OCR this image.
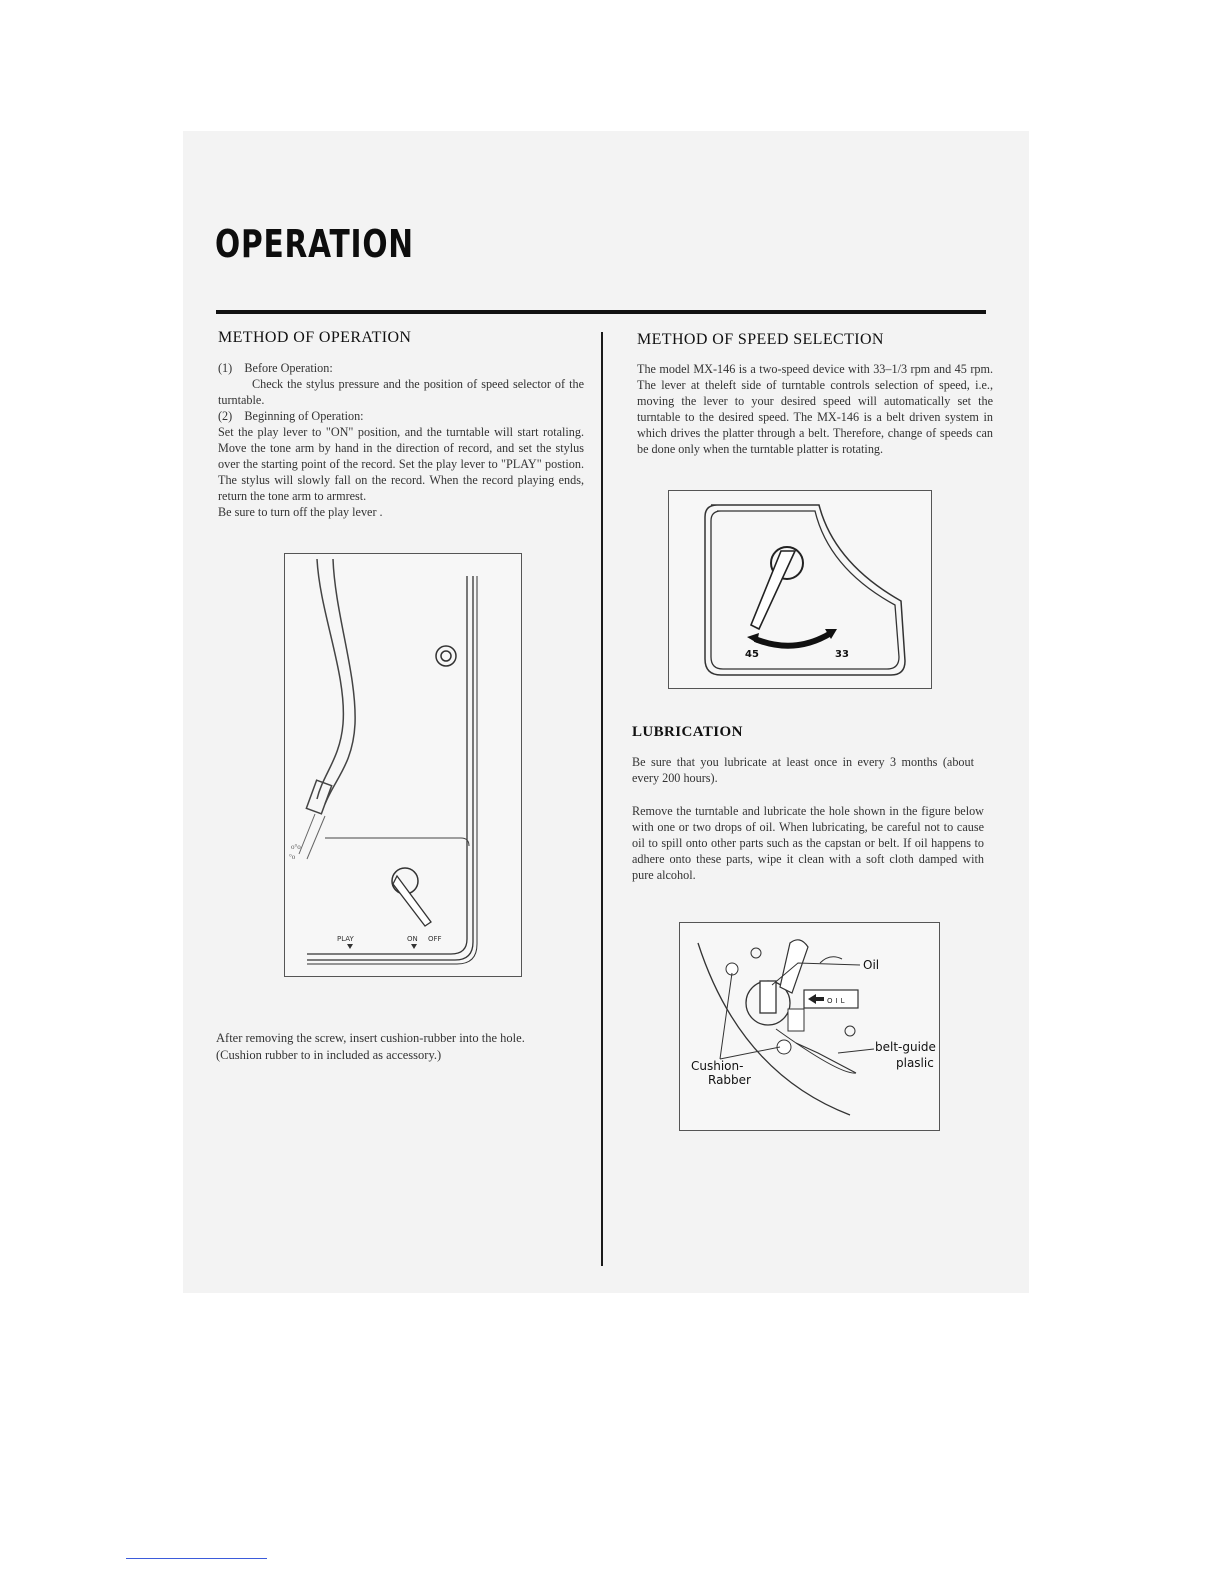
OPERATION
METHOD OF OPERATION

(1) Before Operation:

Check the stylus pressure and the position of speed selector of the turntable.

(2) Beginning of Operation:

Set the play lever to "ON" position, and the turntable will start rotaling. Move the tone arm by hand in the direction of record, and set the stylus over the starting point of the record. Set the play lever to "PLAY" postion. The stylus will slowly fall on the record. When the record playing ends, return the tone arm to armrest.

Be sure to turn off the play lever .

o°o
°o
PLAY	ON OFF

After removing the screw, insert cushion-rubber into the hole.

(Cushion rubber to in included as accessory.)

METHOD OF SPEED SELECTION
The model MX-146 is a two-speed device with 33–1/3 rpm and 45 rpm. The lever at theleft side of turntable controls selection of speed, i.e., moving the lever to your desired speed will automatically set the turntable to the desired speed. The MX-146 is a belt driven system in which drives the platter through a belt. Therefore, change of speeds can be done only when the turntable platter is rotating.
45	33
LUBRICATION
Be sure that you lubricate at least once in every 3 months (about every 200 hours).
Remove the turntable and lubricate the hole shown in the figure below with one or two drops of oil. When lubricating, be careful not to cause oil to spill onto other parts such as the capstan or belt. If oil happens to adhere onto these parts, wipe it clean with a soft cloth damped with pure alcohol.
OIL
Oil
belt-guide
plaslic
Cushion-
Rabber
